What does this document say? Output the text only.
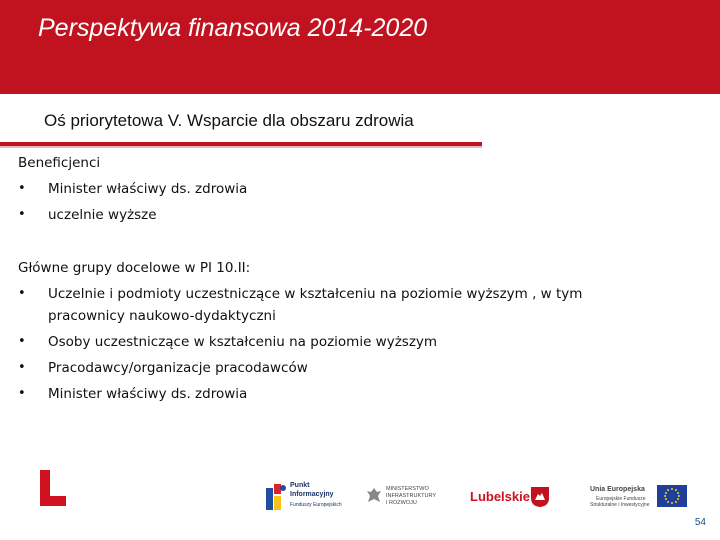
Perspektywa finansowa 2014-2020
Oś priorytetowa V. Wsparcie dla obszaru zdrowia
Beneficjenci
• Minister właściwy ds. zdrowia
• uczelnie wyższe
Główne grupy docelowe w PI 10.II:
• Uczelnie i podmioty uczestniczące w kształceniu na poziomie wyższym , w tym
pracownicy naukowo-dydaktyczni
• Osoby uczestniczące w kształceniu na poziomie wyższym
• Pracodawcy/organizacje pracodawców
• Minister właściwy ds. zdrowia
Punkt
Informacyjny
Funduszy Europejskich
MINISTERSTWO
INFRASTRUKTURY
I ROZWOJU	Lubelskie	Unia Europejska
Europejskie Fundusze
Strukturalne i Inwestycyjne
54
